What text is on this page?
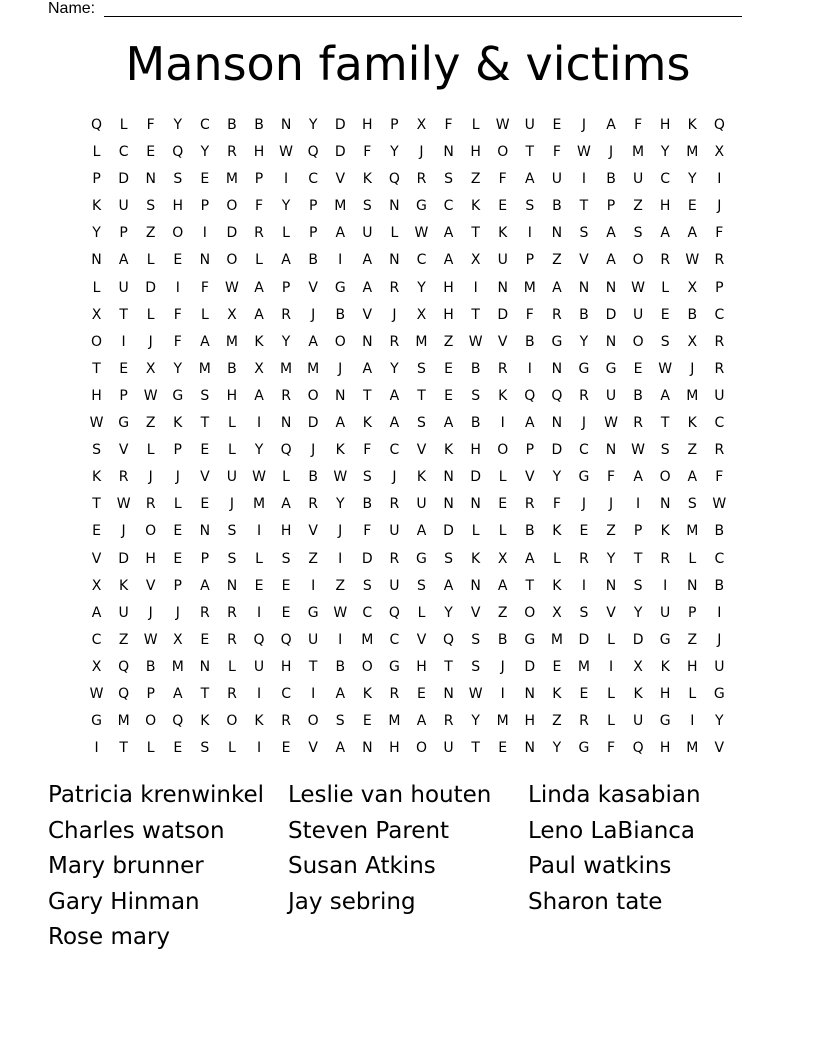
Name:
Manson family & victims
Q	L	F	Y	C	B	B	N	Y	D	H	P	X	F	L	W	U	E	J	A	F	H	K	Q
L	C	E	Q	Y	R	H	W	Q	D	F	Y	J	N	H	O	T	F	W	J	M	Y	M	X
P	D	N	S	E	M	P	I	C	V	K	Q	R	S	Z	F	A	U	I	B	U	C	Y	I
K	U	S	H	P	O	F	Y	P	M	S	N	G	C	K	E	S	B	T	P	Z	H	E	J
Y	P	Z	O	I	D	R	L	P	A	U	L	W	A	T	K	I	N	S	A	S	A	A	F
N	A	L	E	N	O	L	A	B	I	A	N	C	A	X	U	P	Z	V	A	O	R	W	R
L	U	D	I	F	W	A	P	V	G	A	R	Y	H	I	N	M	A	N	N	W	L	X	P
X	T	L	F	L	X	A	R	J	B	V	J	X	H	T	D	F	R	B	D	U	E	B	C
O	I	J	F	A	M	K	Y	A	O	N	R	M	Z	W	V	B	G	Y	N	O	S	X	R
T	E	X	Y	M	B	X	M	M	J	A	Y	S	E	B	R	I	N	G	G	E	W	J	R
H	P	W	G	S	H	A	R	O	N	T	A	T	E	S	K	Q	Q	R	U	B	A	M	U
W	G	Z	K	T	L	I	N	D	A	K	A	S	A	B	I	A	N	J	W	R	T	K	C
S	V	L	P	E	L	Y	Q	J	K	F	C	V	K	H	O	P	D	C	N	W	S	Z	R
K	R	J	J	V	U	W	L	B	W	S	J	K	N	D	L	V	Y	G	F	A	O	A	F
T	W	R	L	E	J	M	A	R	Y	B	R	U	N	N	E	R	F	J	J	I	N	S	W
E	J	O	E	N	S	I	H	V	J	F	U	A	D	L	L	B	K	E	Z	P	K	M	B
V	D	H	E	P	S	L	S	Z	I	D	R	G	S	K	X	A	L	R	Y	T	R	L	C
X	K	V	P	A	N	E	E	I	Z	S	U	S	A	N	A	T	K	I	N	S	I	N	B
A	U	J	J	R	R	I	E	G	W	C	Q	L	Y	V	Z	O	X	S	V	Y	U	P	I
C	Z	W	X	E	R	Q	Q	U	I	M	C	V	Q	S	B	G	M	D	L	D	G	Z	J
X	Q	B	M	N	L	U	H	T	B	O	G	H	T	S	J	D	E	M	I	X	K	H	U
W	Q	P	A	T	R	I	C	I	A	K	R	E	N	W	I	N	K	E	L	K	H	L	G
G	M	O	Q	K	O	K	R	O	S	E	M	A	R	Y	M	H	Z	R	L	U	G	I	Y
I	T	L	E	S	L	I	E	V	A	N	H	O	U	T	E	N	Y	G	F	Q	H	M	V
Patricia krenwinkel	Leslie van houten	Linda kasabian
Charles watson	Steven Parent	Leno LaBianca
Mary brunner	Susan Atkins	Paul watkins
Gary Hinman	Jay sebring	Sharon tate
Rose mary
